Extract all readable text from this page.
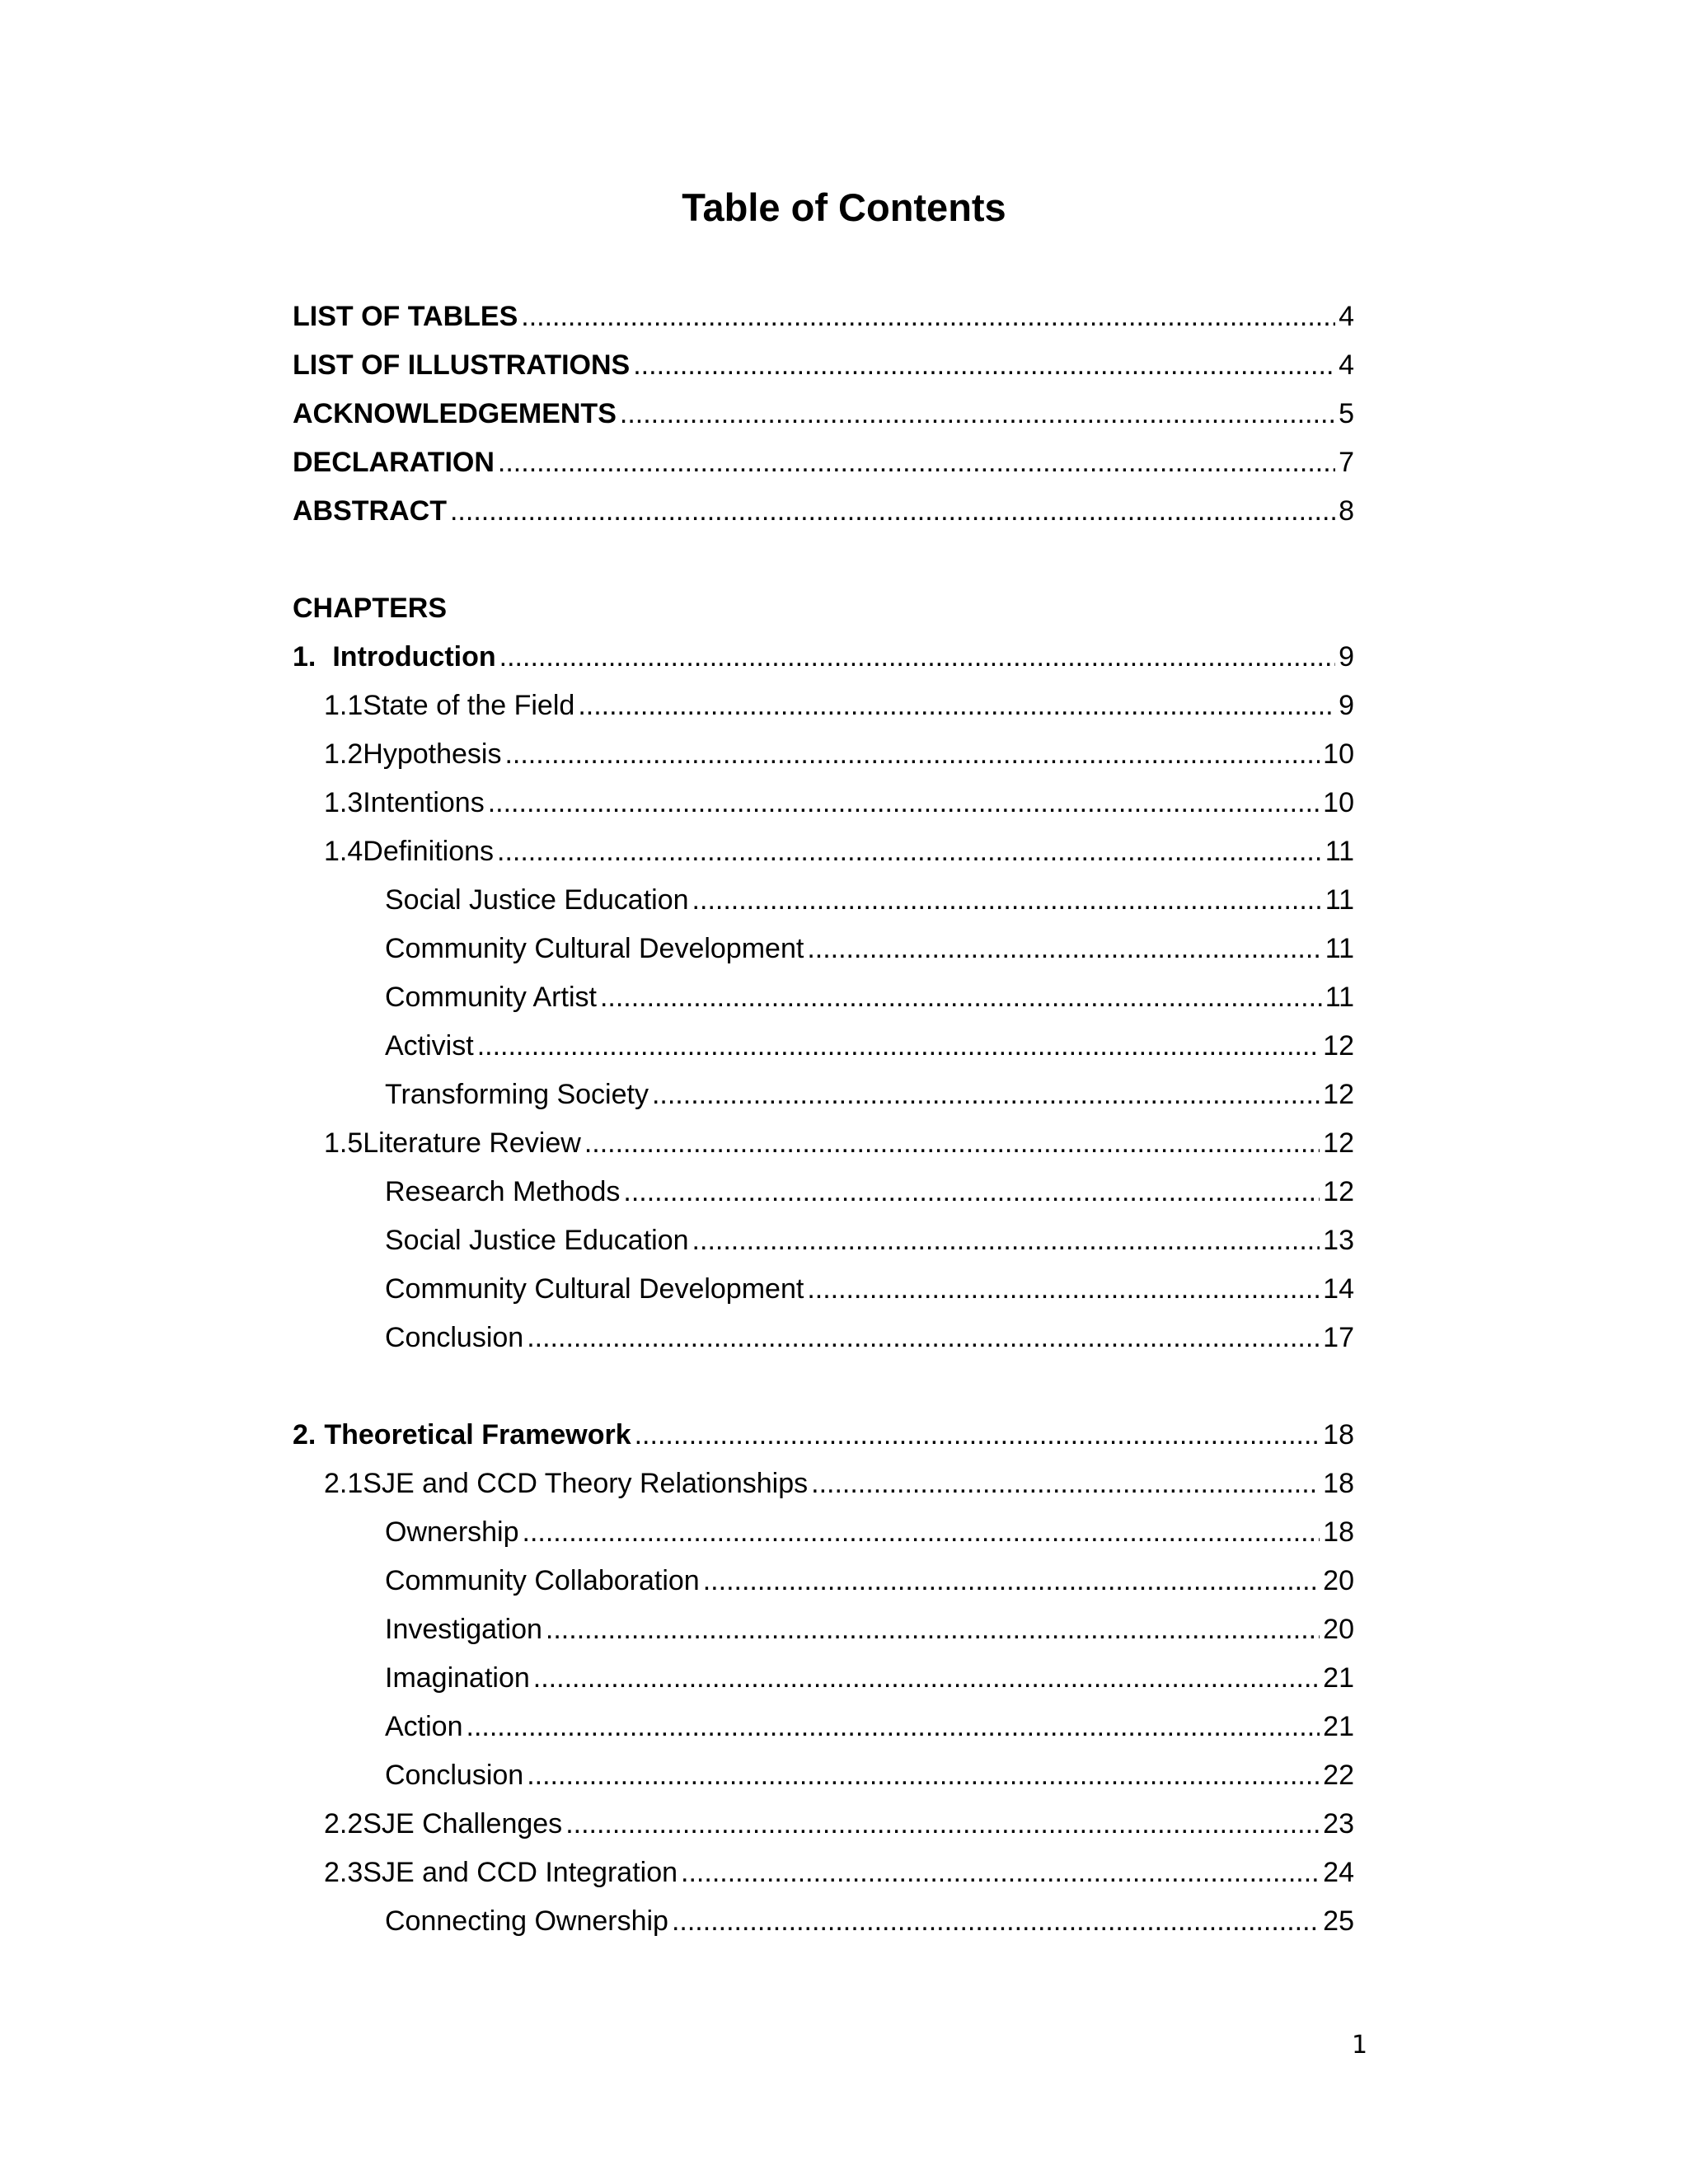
Table of Contents
LIST OF TABLES .....	4
LIST OF ILLUSTRATIONS .....	4
ACKNOWLEDGEMENTS .....	5
DECLARATION .....	7
ABSTRACT .....	8
CHAPTERS
1. Introduction .....	9
1.1 State of the Field .....	9
1.2 Hypothesis .....	10
1.3 Intentions .....	10
1.4 Definitions .....	11
Social Justice Education .....	11
Community Cultural Development .....	11
Community Artist .....	11
Activist .....	12
Transforming Society .....	12
1.5 Literature Review .....	12
Research Methods .....	12
Social Justice Education .....	13
Community Cultural Development .....	14
Conclusion .....	17
2. Theoretical Framework .....	18
2.1 SJE and CCD Theory Relationships .....	18
Ownership .....	18
Community Collaboration .....	20
Investigation .....	20
Imagination .....	21
Action .....	21
Conclusion .....	22
2.2 SJE Challenges .....	23
2.3 SJE and CCD Integration .....	24
Connecting Ownership .....	25
1
